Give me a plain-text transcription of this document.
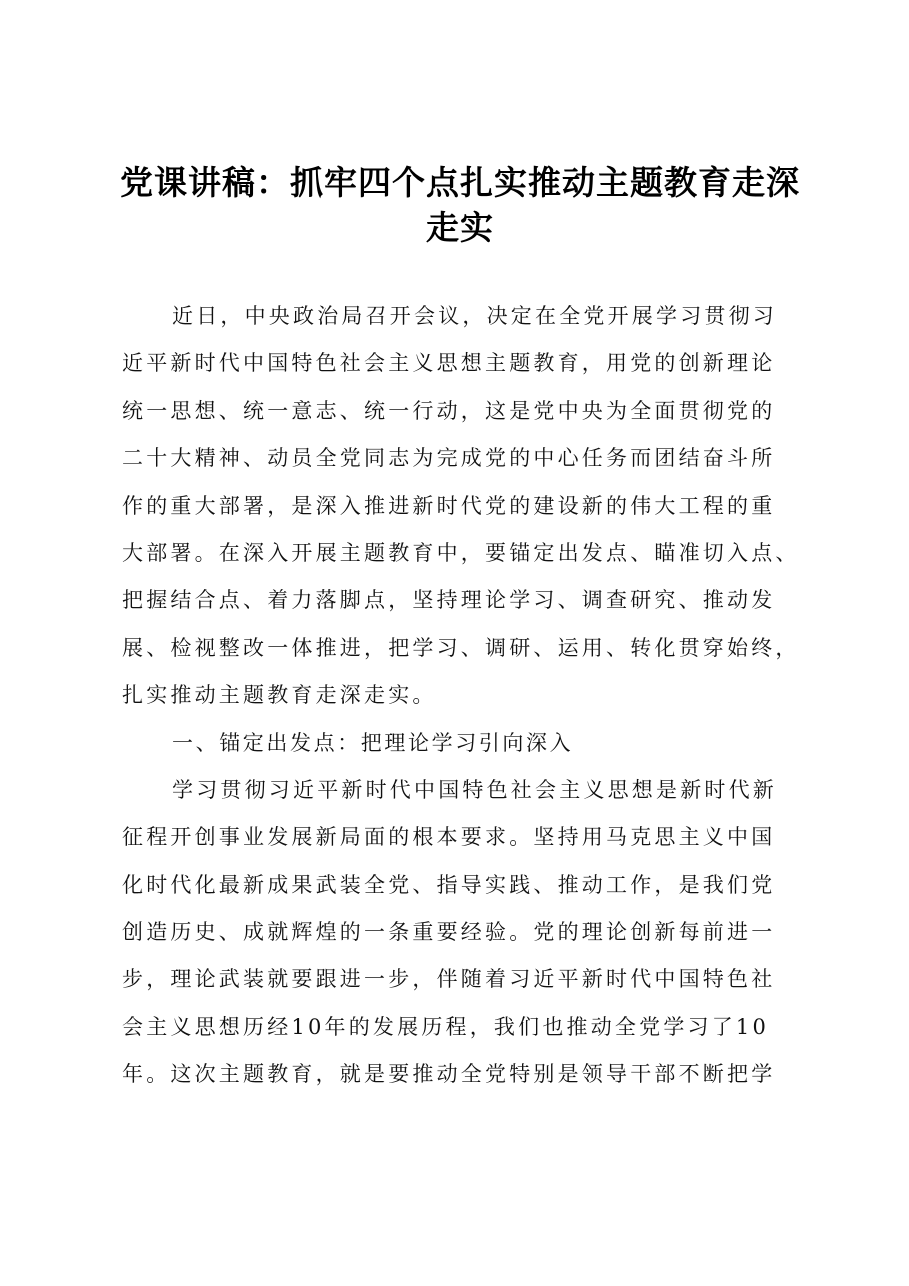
党课讲稿：抓牢四个点扎实推动主题教育走深
走实
近日，中央政治局召开会议，决定在全党开展学习贯彻习
近平新时代中国特色社会主义思想主题教育，用党的创新理论
统一思想、统一意志、统一行动，这是党中央为全面贯彻党的
二十大精神、动员全党同志为完成党的中心任务而团结奋斗所
作的重大部署，是深入推进新时代党的建设新的伟大工程的重
大部署。在深入开展主题教育中，要锚定出发点、瞄准切入点、
把握结合点、着力落脚点，坚持理论学习、调查研究、推动发
展、检视整改一体推进，把学习、调研、运用、转化贯穿始终，
扎实推动主题教育走深走实。
一、锚定出发点：把理论学习引向深入
学习贯彻习近平新时代中国特色社会主义思想是新时代新
征程开创事业发展新局面的根本要求。坚持用马克思主义中国
化时代化最新成果武装全党、指导实践、推动工作，是我们党
创造历史、成就辉煌的一条重要经验。党的理论创新每前进一
步，理论武装就要跟进一步，伴随着习近平新时代中国特色社
会主义思想历经10年的发展历程，我们也推动全党学习了10
年。这次主题教育，就是要推动全党特别是领导干部不断把学
